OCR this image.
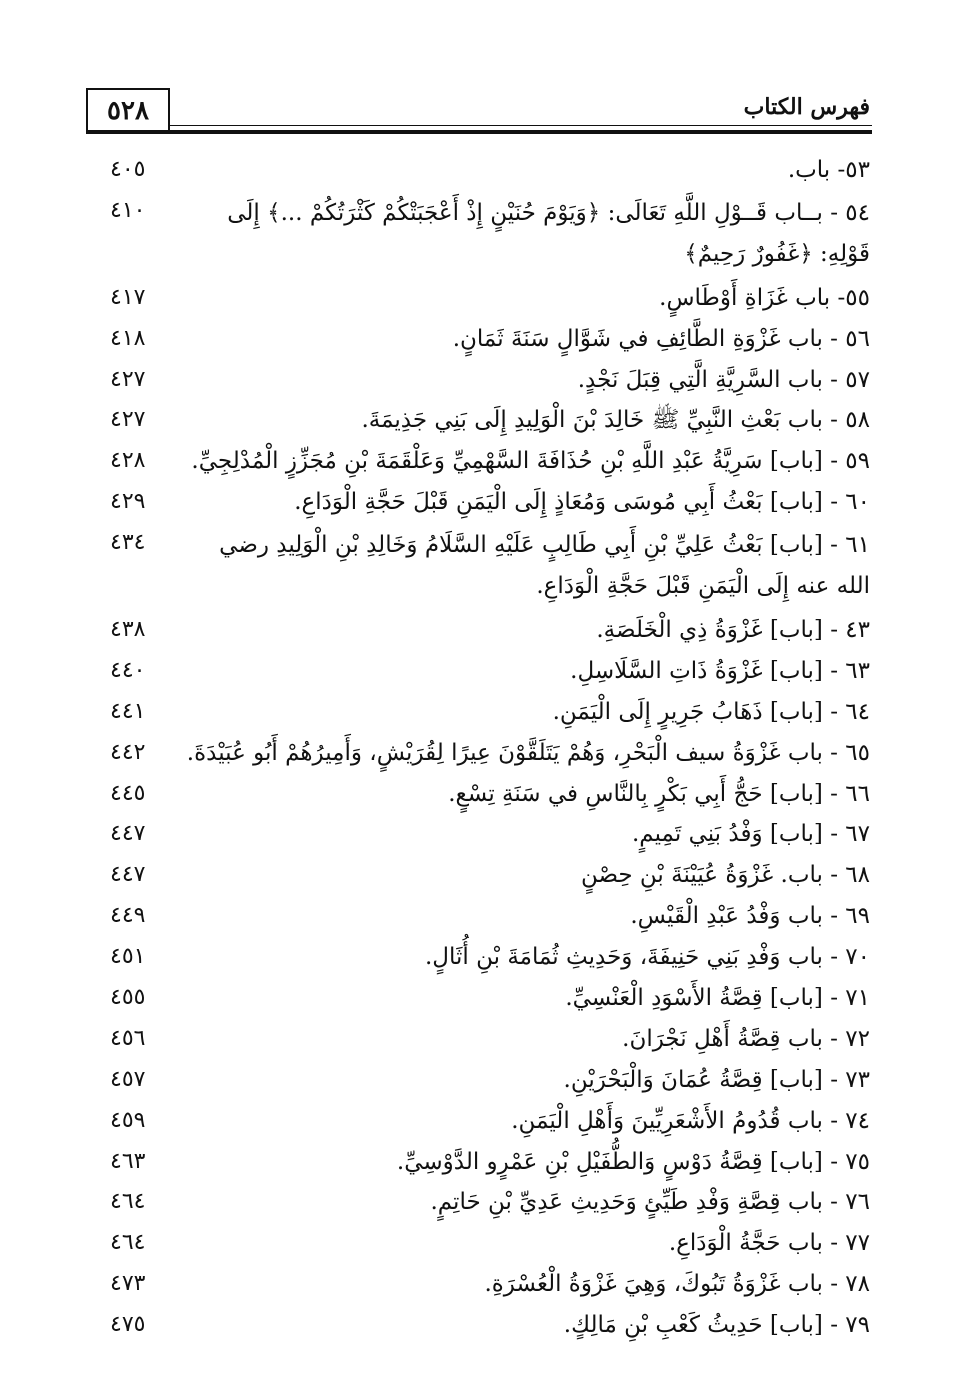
٥٢٨	فهرس الكتاب
٤٠٥	٥٣- باب.
٤١٠	٥٤ - بــاب قَــوْلِ اللَّهِ تَعَالَى: ﴿وَيَوْمَ حُنَيْنٍ إِذْ أَعْجَبَتْكُمْ كَثْرَتُكُمْ ...﴾ إِلَى قَوْلِهِ: ﴿غَفُورٌ رَحِيمٌ﴾
٤١٧	٥٥- باب غَزَاةِ أَوْطَاسٍ.
٤١٨	٥٦ - باب غَزْوَةِ الطَّائِفِ في شَوَّالٍ سَنَةَ ثَمَانٍ.
٤٢٧	٥٧ - باب السَّرِيَّةِ الَّتِي قِبَلَ نَجْدٍ.
٤٢٧	٥٨ - باب بَعْثِ النَّبِيِّ ﷺ خَالِدَ بْنَ الْوَلِيدِ إِلَى بَنِي جَذِيمَةَ.
٤٢٨	٥٩ - [باب] سَرِيَّةُ عَبْدِ اللَّهِ بْنِ حُذَافَةَ السَّهْمِيِّ وَعَلْقَمَةَ بْنِ مُجَزِّزٍ الْمُدْلِجِيِّ.
٤٢٩	٦٠ - [باب] بَعْثُ أَبِي مُوسَى وَمُعَاذٍ إِلَى الْيَمَنِ قَبْلَ حَجَّةِ الْوَدَاعِ.
٤٣٤	٦١ - [باب] بَعْثُ عَلِيِّ بْنِ أَبِي طَالِبٍ عَلَيْهِ السَّلَامُ وَخَالِدِ بْنِ الْوَلِيدِ رضي الله عنه إِلَى الْيَمَنِ قَبْلَ حَجَّةِ الْوَدَاعِ.
٤٣٨	٤٣ - [باب] غَزْوَةُ ذِي الْخَلَصَةِ.
٤٤٠	٦٣ - [باب] غَزْوَةُ ذَاتِ السَّلَاسِلِ.
٤٤١	٦٤ - [باب] ذَهَابُ جَرِيرٍ إِلَى الْيَمَنِ.
٤٤٢	٦٥ - باب غَزْوَةُ سيف الْبَحْرِ، وَهُمْ يَتَلَقَّوْنَ عِيرًا لِقُرَيْشٍ، وَأَمِيرُهُمْ أَبُو عُبَيْدَةَ.
٤٤٥	٦٦ - [باب] حَجُّ أَبِي بَكْرٍ بِالنَّاسِ في سَنَةِ تِسْعٍ.
٤٤٧	٦٧ - [باب] وَفْدُ بَنِي تَمِيمٍ.
٤٤٧	٦٨ - باب. غَزْوَةُ عُيَيْنَةَ بْنِ حِصْنٍ
٤٤٩	٦٩ - باب وَفْدُ عَبْدِ الْقَيْسِ.
٤٥١	٧٠ - باب وَفْدِ بَنِي حَنِيفَةَ، وَحَدِيثِ ثُمَامَةَ بْنِ أُثَالٍ.
٤٥٥	٧١ - [باب] قِصَّةُ الأَسْوَدِ الْعَنْسِيِّ.
٤٥٦	٧٢ - باب قِصَّةُ أَهْلِ نَجْرَانَ.
٤٥٧	٧٣ - [باب] قِصَّةُ عُمَانَ وَالْبَحْرَيْنِ.
٤٥٩	٧٤ - باب قُدُومُ الأَشْعَرِيِّينَ وَأَهْلِ الْيَمَنِ.
٤٦٣	٧٥ - [باب] قِصَّةُ دَوْسٍ وَالطُّفَيْلِ بْنِ عَمْرٍو الدَّوْسِيِّ.
٤٦٤	٧٦ - باب قِصَّةِ وَفْدِ طَيِّئٍ وَحَدِيثِ عَدِيِّ بْنِ حَاتِمٍ.
٤٦٤	٧٧ - باب حَجَّةُ الْوَدَاعِ.
٤٧٣	٧٨ - باب غَزْوَةُ تَبُوكَ، وَهِيَ غَزْوَةُ الْعُسْرَةِ.
٤٧٥	٧٩ - [باب] حَدِيثُ كَعْبِ بْنِ مَالِكٍ.
